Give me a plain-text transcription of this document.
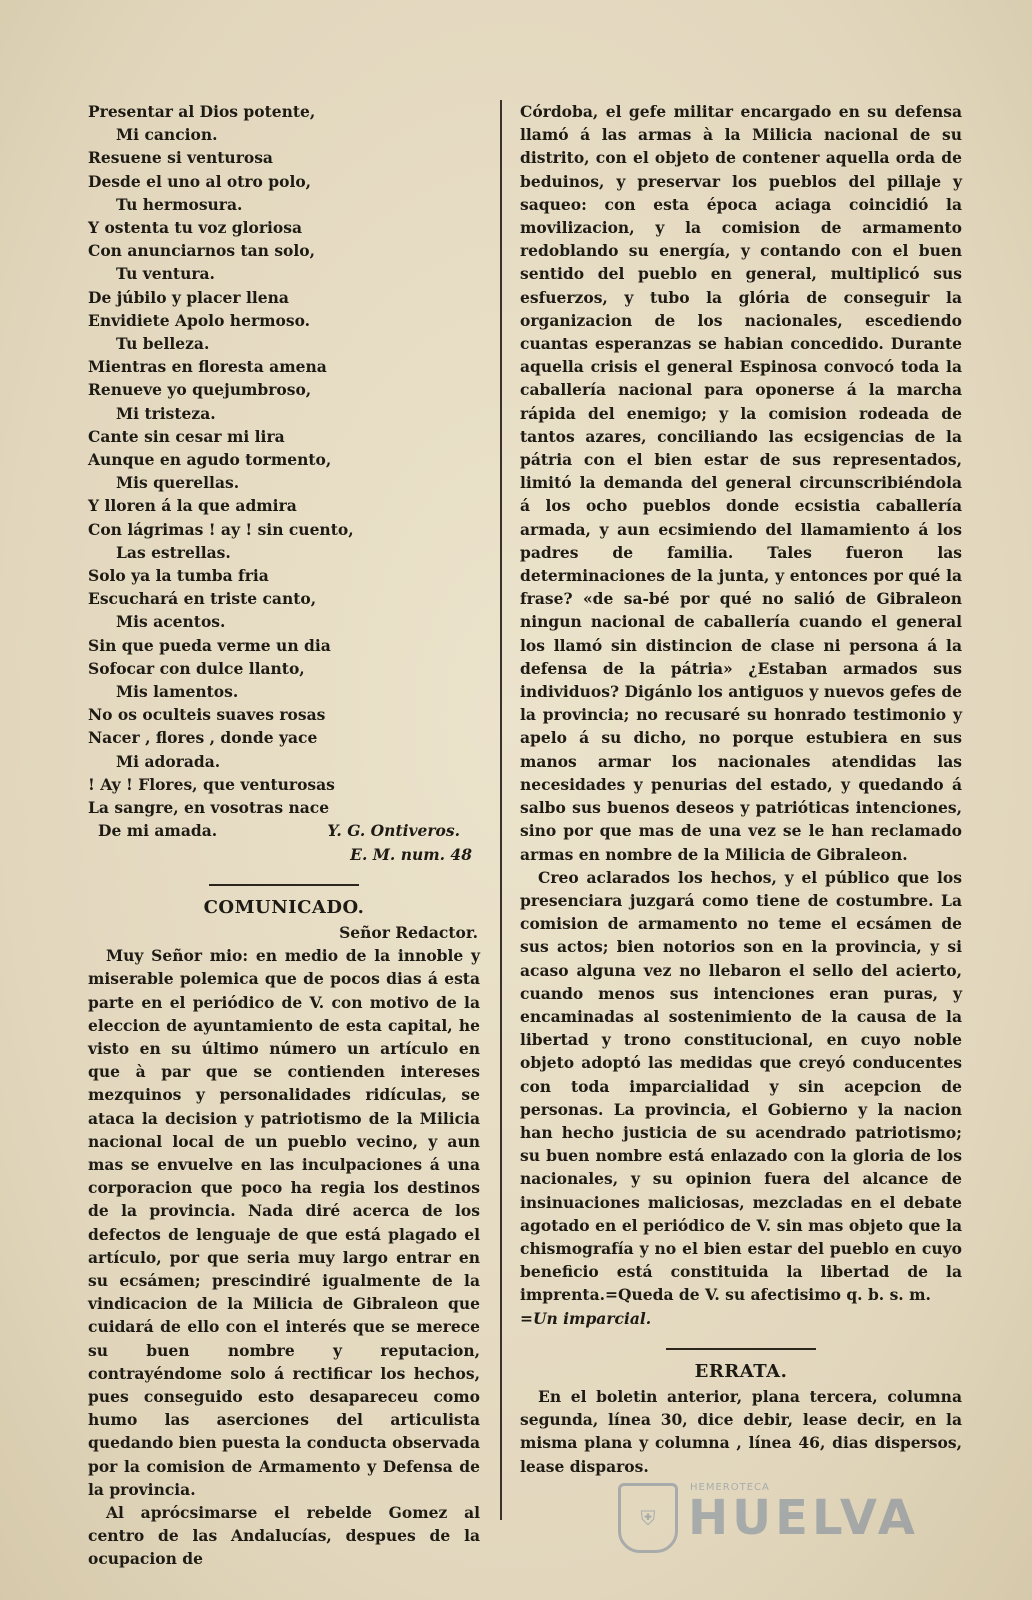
Presentar al Dios potente,
Mi cancion.
Resuene si venturosa
Desde el uno al otro polo,
Tu hermosura.
Y ostenta tu voz gloriosa
Con anunciarnos tan solo,
Tu ventura.
De júbilo y placer llena
Envidiete Apolo hermoso.
Tu belleza.
Mientras en floresta amena
Renueve yo quejumbroso,
Mi tristeza.
Cante sin cesar mi lira
Aunque en agudo tormento,
Mis querellas.
Y lloren á la que admira
Con lágrimas ! ay ! sin cuento,
Las estrellas.
Solo ya la tumba fria
Escuchará en triste canto,
Mis acentos.
Sin que pueda verme un dia
Sofocar con dulce llanto,
Mis lamentos.
No os oculteis suaves rosas
Nacer , flores , donde yace
Mi adorada.
! Ay ! Flores, que venturosas
La sangre, en vosotras nace
De mi amada.	Y. G. Ontiveros.
E. M. num. 48
COMUNICADO.
Señor Redactor.

Muy Señor mio: en medio de la innoble y miserable polemica que de pocos dias á esta parte en el periódico de V. con motivo de la eleccion de ayuntamiento de esta capital, he visto en su último número un artículo en que à par que se contienden intereses mezquinos y personalidades ridículas, se ataca la decision y patriotismo de la Milicia nacional local de un pueblo vecino, y aun mas se envuelve en las inculpaciones á una corporacion que poco ha regia los destinos de la provincia. Nada diré acerca de los defectos de lenguaje de que está plagado el artículo, por que seria muy largo entrar en su ecsámen; prescindiré igualmente de la vindicacion de la Milicia de Gibraleon que cuidará de ello con el interés que se merece su buen nombre y reputacion, contrayéndome solo á rectificar los hechos, pues conseguido esto desapareceu como humo las aserciones del articulista quedando bien puesta la conducta observada por la comision de Armamento y Defensa de la provincia.

Al aprócsimarse el rebelde Gomez al centro de las Andalucías, despues de la ocupacion de

Córdoba, el gefe militar encargado en su defensa llamó á las armas à la Milicia nacional de su distrito, con el objeto de contener aquella orda de beduinos, y preservar los pueblos del pillaje y saqueo: con esta época aciaga coincidió la movilizacion, y la comision de armamento redoblando su energía, y contando con el buen sentido del pueblo en general, multiplicó sus esfuerzos, y tubo la glória de conseguir la organizacion de los nacionales, escediendo cuantas esperanzas se habian concedido. Durante aquella crisis el general Espinosa convocó toda la caballería nacional para oponerse á la marcha rápida del enemigo; y la comision rodeada de tantos azares, conciliando las ecsigencias de la pátria con el bien estar de sus representados, limitó la demanda del general circunscribiéndola á los ocho pueblos donde ecsistia caballería armada, y aun ecsimiendo del llamamiento á los padres de familia. Tales fueron las determinaciones de la junta, y entonces por qué la frase? «de sa-bé por qué no salió de Gibraleon ningun nacional de caballería cuando el general los llamó sin distincion de clase ni persona á la defensa de la pátria» ¿Estaban armados sus individuos? Digánlo los antiguos y nuevos gefes de la provincia; no recusaré su honrado testimonio y apelo á su dicho, no porque estubiera en sus manos armar los nacionales atendidas las necesidades y penurias del estado, y quedando á salbo sus buenos deseos y patrióticas intenciones, sino por que mas de una vez se le han reclamado armas en nombre de la Milicia de Gibraleon.

Creo aclarados los hechos, y el público que los presenciara juzgará como tiene de costumbre. La comision de armamento no teme el ecsámen de sus actos; bien notorios son en la provincia, y si acaso alguna vez no llebaron el sello del acierto, cuando menos sus intenciones eran puras, y encaminadas al sostenimiento de la causa de la libertad y trono constitucional, en cuyo noble objeto adoptó las medidas que creyó conducentes con toda imparcialidad y sin acepcion de personas. La provincia, el Gobierno y la nacion han hecho justicia de su acendrado patriotismo; su buen nombre está enlazado con la gloria de los nacionales, y su opinion fuera del alcance de insinuaciones maliciosas, mezcladas en el debate agotado en el periódico de V. sin mas objeto que la chismografía y no el bien estar del pueblo en cuyo beneficio está constituida la libertad de la imprenta.=Queda de V. su afectisimo q. b. s. m.

=Un imparcial.
ERRATA.

En el boletin anterior, plana tercera, columna segunda, línea 30, dice debir, lease decir, en la misma plana y columna , línea 46, dias dispersos, lease disparos.

HEMEROTECA
⛨ HUELVA
